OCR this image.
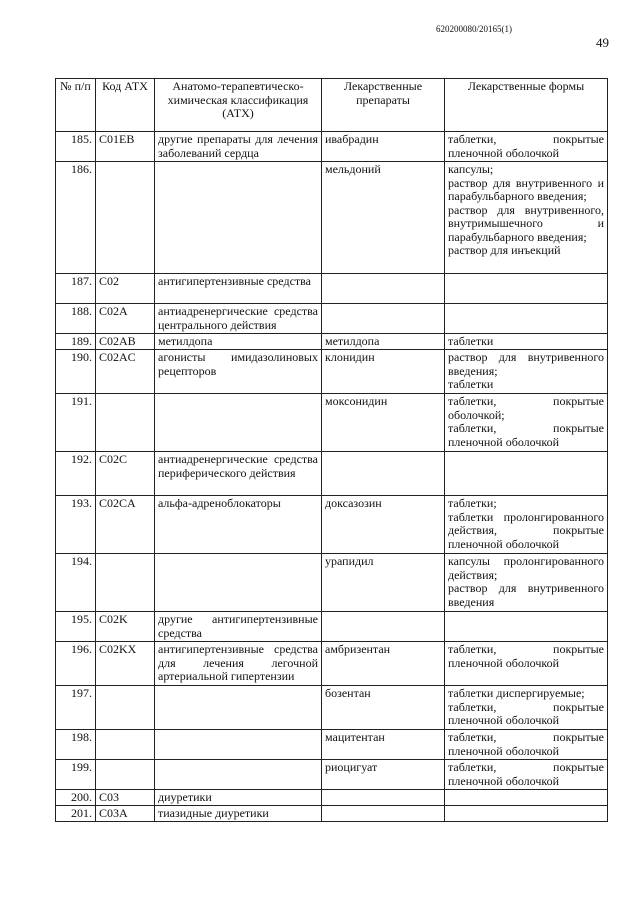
620200080/20165(1)
49
№ п/п	Код АТХ	Анатомо-терапевтическо-химическая классификация (АТХ)	Лекарственные препараты	Лекарственные формы
185.	C01EB	другие препараты для лечения заболеваний сердца	ивабрадин	таблетки, покрытые пленочной оболочкой
186.			мельдоний	капсулы;
раствор для внутривенного и парабульбарного введения;
раствор для внутривенного, внутримышечного и парабульбарного введения;
раствор для инъекций
187.	C02	антигипертензивные средства		
188.	C02A	антиадренергические средства центрального действия		
189.	C02AB	метилдопа	метилдопа	таблетки
190.	C02AC	агонисты имидазолиновых рецепторов	клонидин	раствор для внутривенного введения;
таблетки
191.			моксонидин	таблетки, покрытые оболочкой;
таблетки, покрытые пленочной оболочкой
192.	C02C	антиадренергические средства периферического действия		
193.	C02CA	альфа-адреноблокаторы	доксазозин	таблетки;
таблетки пролонгированного действия, покрытые пленочной оболочкой
194.			урапидил	капсулы пролонгированного действия;
раствор для внутривенного введения
195.	C02K	другие антигипертензивные средства		
196.	C02KX	антигипертензивные средства для лечения легочной артериальной гипертензии	амбризентан	таблетки, покрытые пленочной оболочкой
197.			бозентан	таблетки диспергируемые;
таблетки, покрытые пленочной оболочкой
198.			мацитентан	таблетки, покрытые пленочной оболочкой
199.			риоцигуат	таблетки, покрытые пленочной оболочкой
200.	C03	диуретики		
201.	C03A	тиазидные диуретики		
